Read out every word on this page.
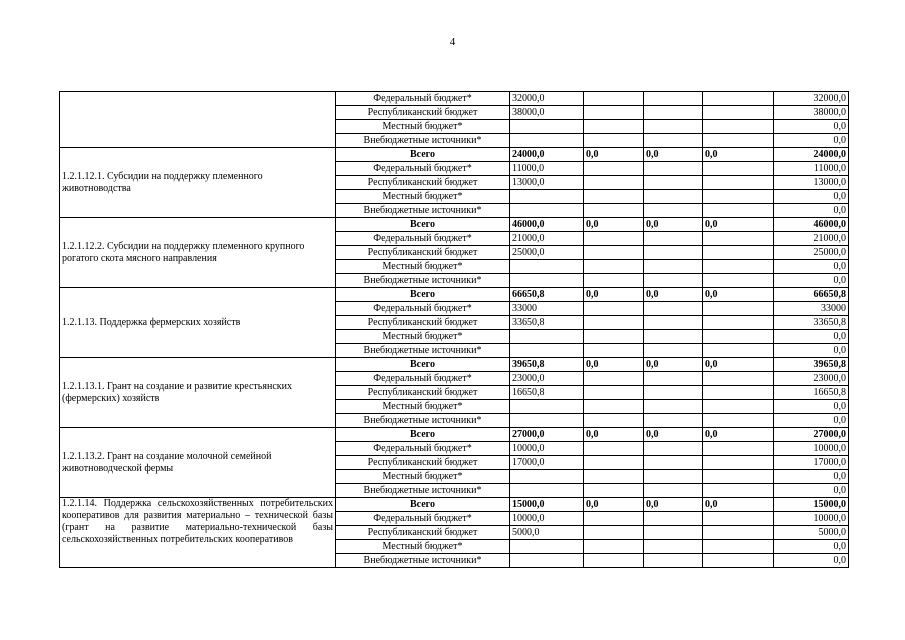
4
	Федеральный бюджет*	32000,0				32000,0
	Республиканский бюджет	38000,0				38000,0
	Местный бюджет*					0,0
	Внебюджетные источники*					0,0
1.2.1.12.1. Субсидии на поддержку племенного животноводства	Всего	24000,0	0,0	0,0	0,0	24000,0
	Федеральный бюджет*	11000,0				11000,0
	Республиканский бюджет	13000,0				13000,0
	Местный бюджет*					0,0
	Внебюджетные источники*					0,0
1.2.1.12.2. Субсидии на поддержку племенного крупного рогатого скота мясного направления	Всего	46000,0	0,0	0,0	0,0	46000,0
	Федеральный бюджет*	21000,0				21000,0
	Республиканский бюджет	25000,0				25000,0
	Местный бюджет*					0,0
	Внебюджетные источники*					0,0
1.2.1.13. Поддержка фермерских хозяйств	Всего	66650,8	0,0	0,0	0,0	66650,8
	Федеральный бюджет*	33000				33000
	Республиканский бюджет	33650,8				33650,8
	Местный бюджет*					0,0
	Внебюджетные источники*					0,0
1.2.1.13.1. Грант на создание и развитие крестьянских (фермерских) хозяйств	Всего	39650,8	0,0	0,0	0,0	39650,8
	Федеральный бюджет*	23000,0				23000,0
	Республиканский бюджет	16650,8				16650,8
	Местный бюджет*					0,0
	Внебюджетные источники*					0,0
1.2.1.13.2. Грант на создание молочной семейной животноводческой фермы	Всего	27000,0	0,0	0,0	0,0	27000,0
	Федеральный бюджет*	10000,0				10000,0
	Республиканский бюджет	17000,0				17000,0
	Местный бюджет*					0,0
	Внебюджетные источники*					0,0
1.2.1.14. Поддержка сельскохозяйственных потребительских кооперативов для развития материально – технической базы (грант на развитие материально-технической базы сельскохозяйственных потребительских кооперативов	Всего	15000,0	0,0	0,0	0,0	15000,0
	Федеральный бюджет*	10000,0				10000,0
	Республиканский бюджет	5000,0				5000,0
	Местный бюджет*					0,0
	Внебюджетные источники*					0,0
